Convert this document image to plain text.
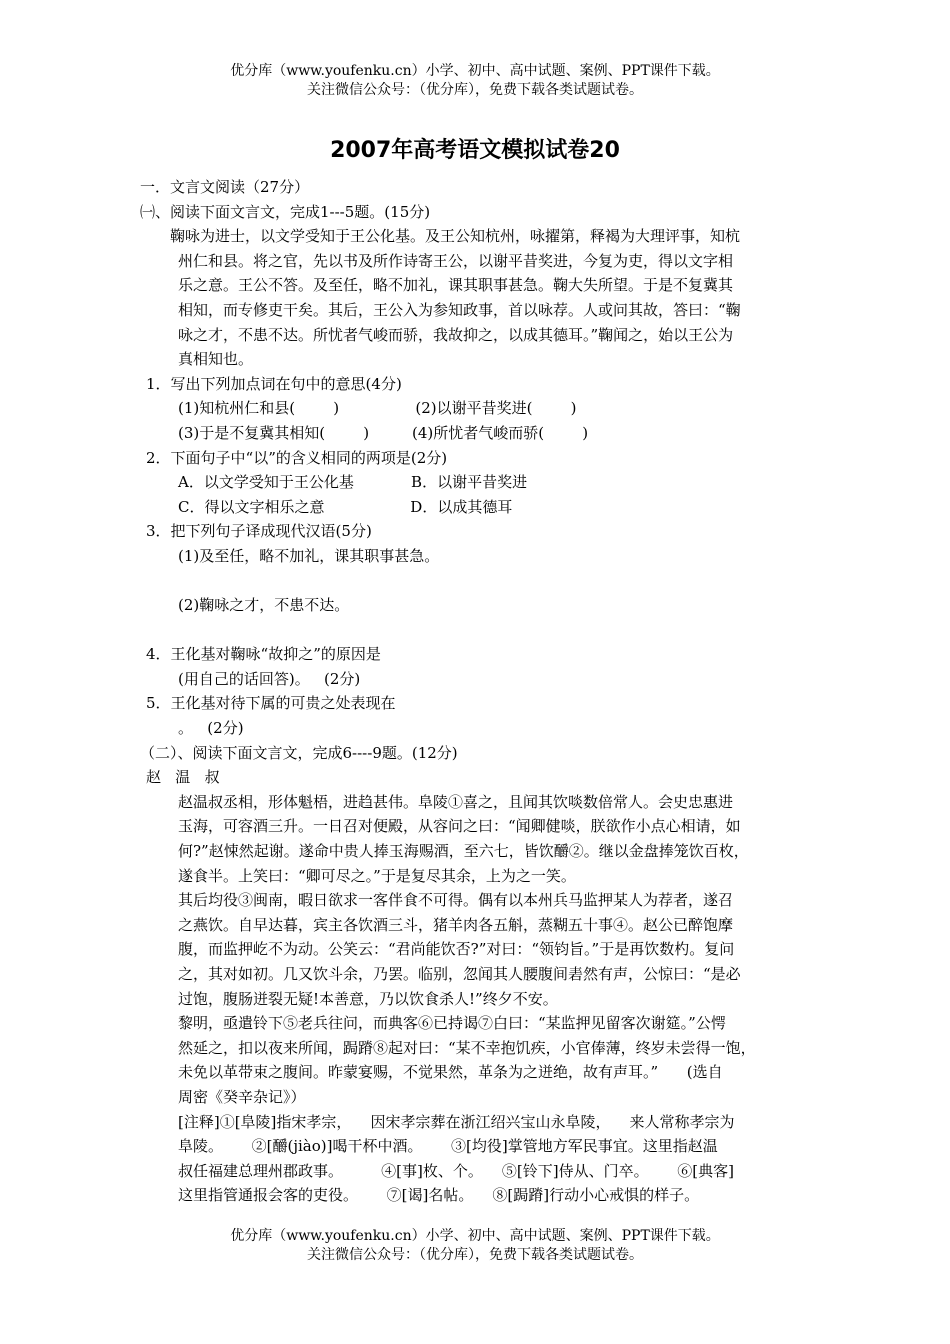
优分库（www.youfenku.cn）小学、初中、高中试题、案例、PPT课件下载。
关注微信公众号：（优分库），免费下载各类试题试卷。
2007年高考语文模拟试卷20
一．文言文阅读（27分）
㈠、阅读下面文言文，完成1---5题。(15分)
鞠咏为进士，以文学受知于王公化基。及王公知杭州，咏擢第，释褐为大理评事，知杭
州仁和县。将之官，先以书及所作诗寄王公，以谢平昔奖进，今复为吏，得以文字相
乐之意。王公不答。及至任，略不加礼，课其职事甚急。鞠大失所望。于是不复冀其
相知，而专修吏干矣。其后，王公入为参知政事，首以咏荐。人或问其故，答曰：“鞠
咏之才，不患不达。所忧者气峻而骄，我故抑之，以成其德耳。”鞠闻之，始以王公为
真相知也。
1．写出下列加点词在句中的意思(4分)
(1)知杭州仁和县(        )                (2)以谢平昔奖进(        )
(3)于是不复冀其相知(        )         (4)所忧者气峻而骄(        )
2．下面句子中“以”的含义相同的两项是(2分)
A．以文学受知于王公化基            B．以谢平昔奖进
C．得以文字相乐之意                  D．以成其德耳
3．把下列句子译成现代汉语(5分)
(1)及至任，略不加礼，课其职事甚急。
(2)鞠咏之才，不患不达。
4．王化基对鞠咏“故抑之”的原因是
(用自己的话回答)。   (2分)
5．王化基对待下属的可贵之处表现在
。   (2分)
（二）、阅读下面文言文，完成6----9题。(12分)
赵   温   叔
赵温叔丞相，形体魁梧，进趋甚伟。阜陵①喜之，且闻其饮啖数倍常人。会史忠惠进
玉海，可容酒三升。一日召对便殿，从容问之曰：“闻卿健啖，朕欲作小点心相请，如
何?”赵悚然起谢。遂命中贵人捧玉海赐酒，至六七，皆饮釂②。继以金盘捧笼饮百枚，
遂食半。上笑曰：“卿可尽之。”于是复尽其余，上为之一笑。
其后均役③闽南，暇日欲求一客伴食不可得。偶有以本州兵马监押某人为荐者，遂召
之燕饮。自早达暮，宾主各饮酒三斗，猪羊肉各五斛，蒸糊五十事④。赵公已醉饱摩
腹，而监押屹不为动。公笑云：“君尚能饮否?”对曰：“领钧旨。”于是再饮数杓。复问
之，其对如初。几又饮斗余，乃罢。临别，忽闻其人腰腹间砉然有声，公惊曰：“是必
过饱，腹肠迸裂无疑!本善意，乃以饮食杀人!”终夕不安。
黎明，亟遣铃下⑤老兵往问，而典客⑥已持谒⑦白曰：“某监押见留客次谢筵。”公愕
然延之，扣以夜来所闻，跼蹐⑧起对曰：“某不幸抱饥疾，小官俸薄，终岁未尝得一饱，
未免以革带束之腹间。昨蒙宴赐，不觉果然，革条为之迸绝，故有声耳。”      (选自
周密《癸辛杂记》）
[注释]①[阜陵]指宋孝宗，    因宋孝宗葬在浙江绍兴宝山永阜陵，    来人常称孝宗为
阜陵。      ②[釂(jiào)]喝干杯中酒。      ③[均役]掌管地方军民事宜。这里指赵温
叔任福建总理州郡政事。        ④[事]枚、个。    ⑤[铃下]侍从、门卒。      ⑥[典客]
这里指管通报会客的吏役。      ⑦[谒]名帖。    ⑧[跼蹐]行动小心戒惧的样子。
优分库（www.youfenku.cn）小学、初中、高中试题、案例、PPT课件下载。
关注微信公众号：（优分库），免费下载各类试题试卷。
